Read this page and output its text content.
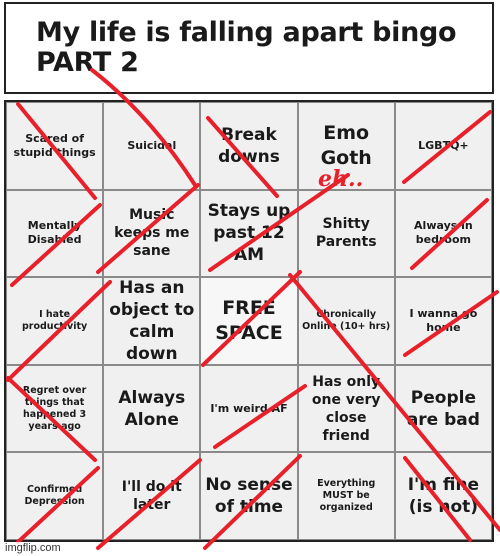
My life is falling apart bingo
PART 2
Scared of stupid things
Suicidal
Break downs
Emo Goth
LGBTQ+
Mentally Disabled
Music keeps me sane
Stays up past 12 AM
Shitty Parents
Always in bedroom
I hate productivity
Has an object to calm down
FREE SPACE
Chronically Online (10+ hrs)
I wanna go home
Regret over things that happened 3 years ago
Always Alone
I'm weird AF
Has only one very close friend
People are bad
Confirmed Depression
I'll do it later
No sense of time
Everything MUST be organized
I'm fine (is not)
eh..
imgflip.com
